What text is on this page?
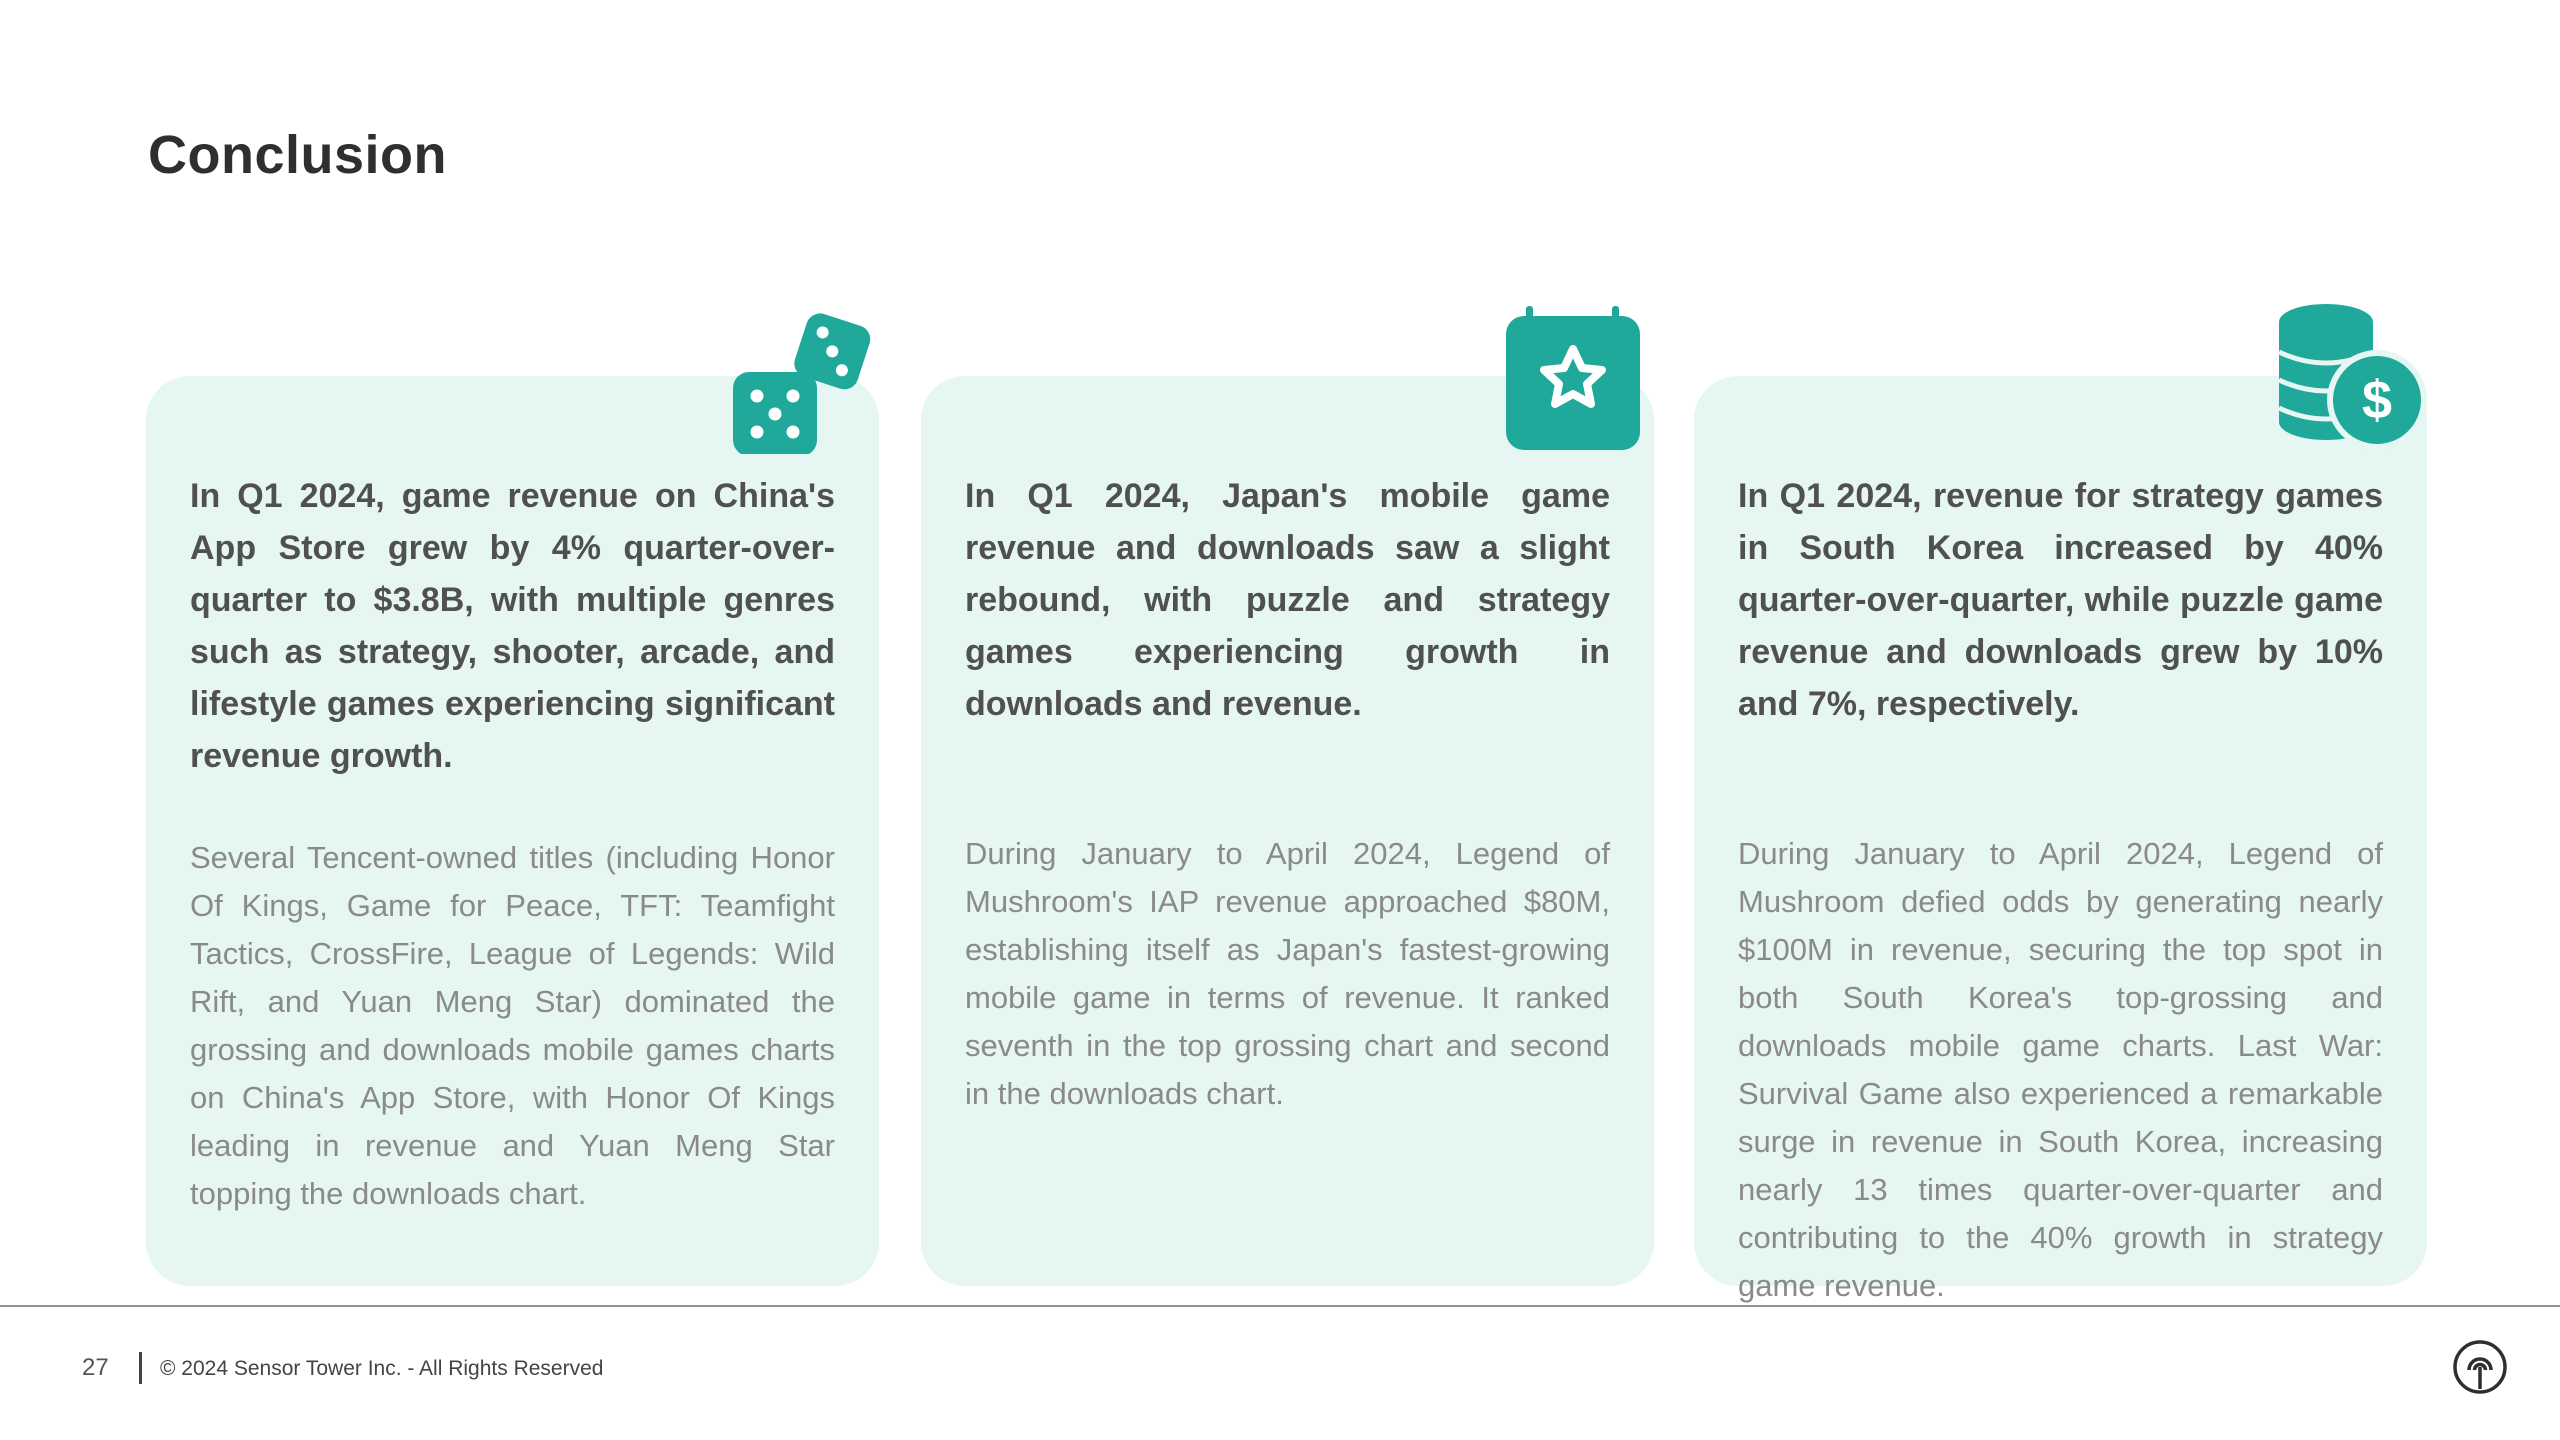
Conclusion

In Q1 2024, game revenue on China's App Store grew by 4% quarter-over-quarter to $3.8B, with multiple genres such as strategy, shooter, arcade, and lifestyle games experiencing significant revenue growth.

Several Tencent-owned titles (including Honor Of Kings, Game for Peace, TFT: Teamfight Tactics, CrossFire, League of Legends: Wild Rift, and Yuan Meng Star) dominated the grossing and downloads mobile games charts on China's App Store, with Honor Of Kings leading in revenue and Yuan Meng Star topping the downloads chart.

In Q1 2024, Japan's mobile game revenue and downloads saw a slight rebound, with puzzle and strategy games experiencing growth in downloads and revenue.

During January to April 2024, Legend of Mushroom's IAP revenue approached $80M, establishing itself as Japan's fastest-growing mobile game in terms of revenue. It ranked seventh in the top grossing chart and second in the downloads chart.

$

In Q1 2024, revenue for strategy games in South Korea increased by 40% quarter-over-quarter, while puzzle game revenue and downloads grew by 10% and 7%, respectively.

During January to April 2024, Legend of Mushroom defied odds by generating nearly $100M in revenue, securing the top spot in both South Korea's top-grossing and downloads mobile game charts. Last War: Survival Game also experienced a remarkable surge in revenue in South Korea, increasing nearly 13 times quarter-over-quarter and contributing to the 40% growth in strategy game revenue.

27 © 2024 Sensor Tower Inc. - All Rights Reserved
